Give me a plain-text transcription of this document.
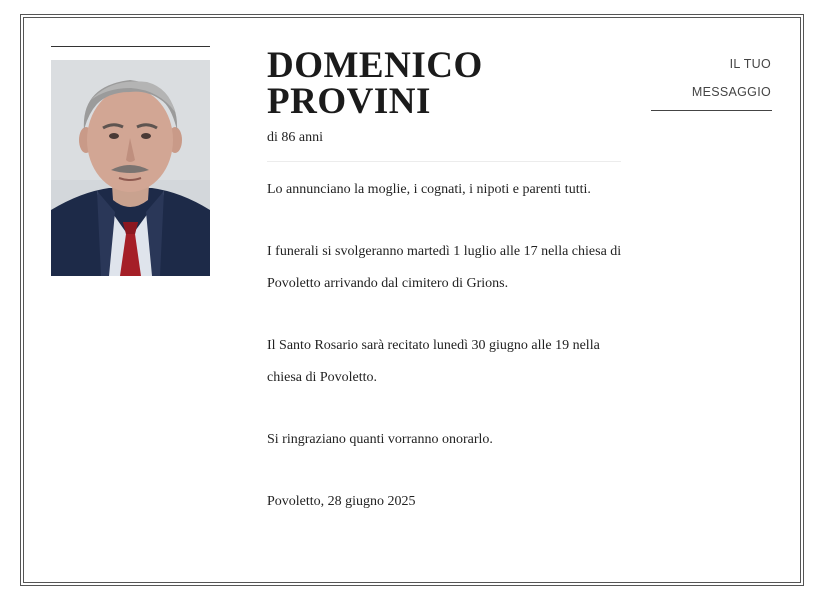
DOMENICO
PROVINI
di 86 anni

Lo annunciano la moglie, i cognati, i nipoti e parenti tutti.

I funerali si svolgeranno martedì 1 luglio alle 17 nella chiesa di Povoletto arrivando dal cimitero di Grions.

Il Santo Rosario sarà recitato lunedì 30 giugno alle 19 nella chiesa di Povoletto.

Si ringraziano quanti vorranno onorarlo.

Povoletto, 28 giugno 2025

IL TUO
MESSAGGIO
